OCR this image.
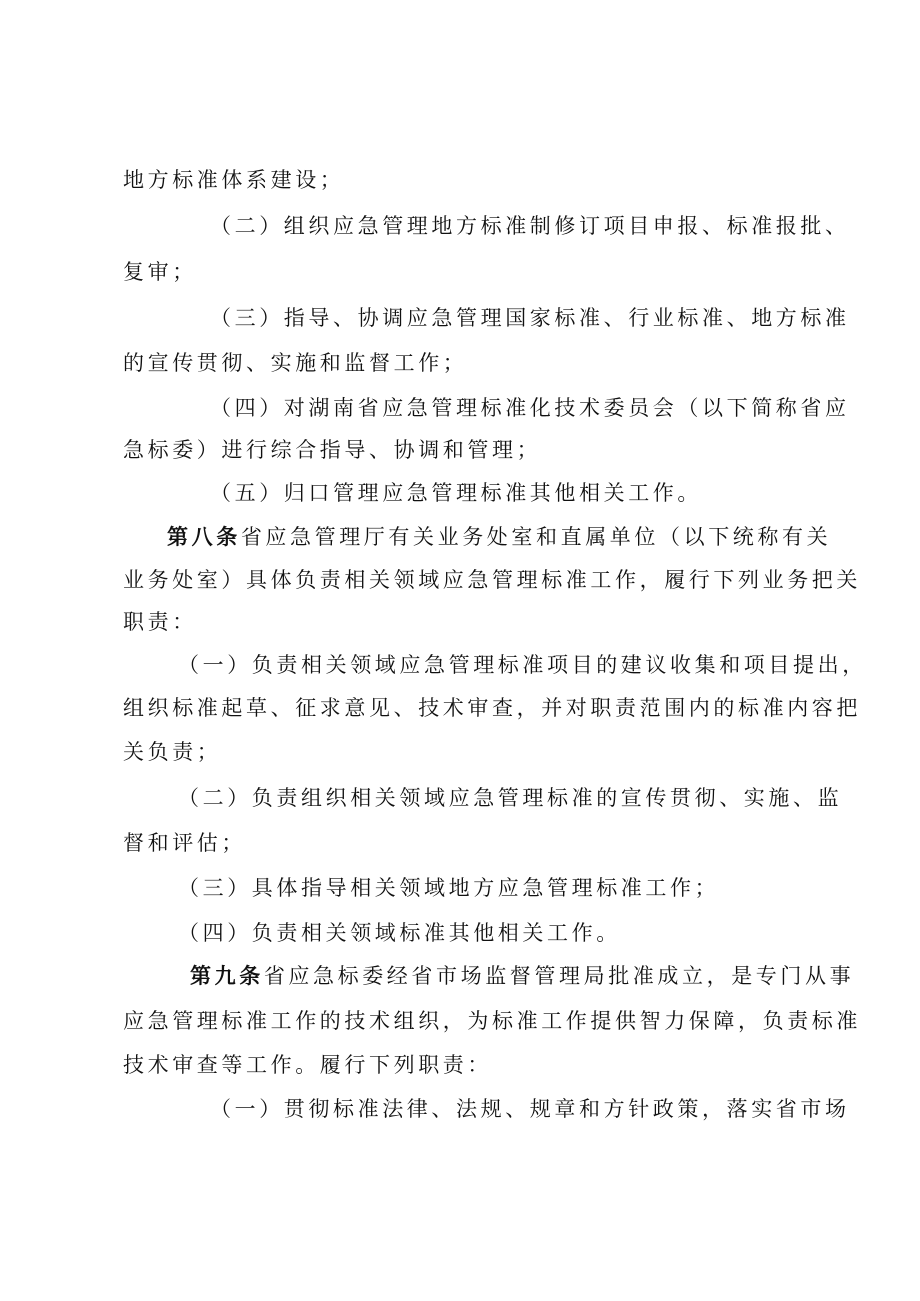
地方标准体系建设；
（二）组织应急管理地方标准制修订项目申报、标准报批、
复审；
（三）指导、协调应急管理国家标准、行业标准、地方标准
的宣传贯彻、实施和监督工作；
（四）对湖南省应急管理标准化技术委员会（以下简称省应
急标委）进行综合指导、协调和管理；
（五）归口管理应急管理标准其他相关工作。
第八条省应急管理厅有关业务处室和直属单位（以下统称有关
业务处室）具体负责相关领域应急管理标准工作，履行下列业务把关
职责：
（一）负责相关领域应急管理标准项目的建议收集和项目提出，
组织标准起草、征求意见、技术审查，并对职责范围内的标准内容把
关负责；
（二）负责组织相关领域应急管理标准的宣传贯彻、实施、监
督和评估；
（三）具体指导相关领域地方应急管理标准工作；
（四）负责相关领域标准其他相关工作。
第九条省应急标委经省市场监督管理局批准成立，是专门从事
应急管理标准工作的技术组织，为标准工作提供智力保障，负责标准
技术审查等工作。履行下列职责：
（一）贯彻标准法律、法规、规章和方针政策，落实省市场
